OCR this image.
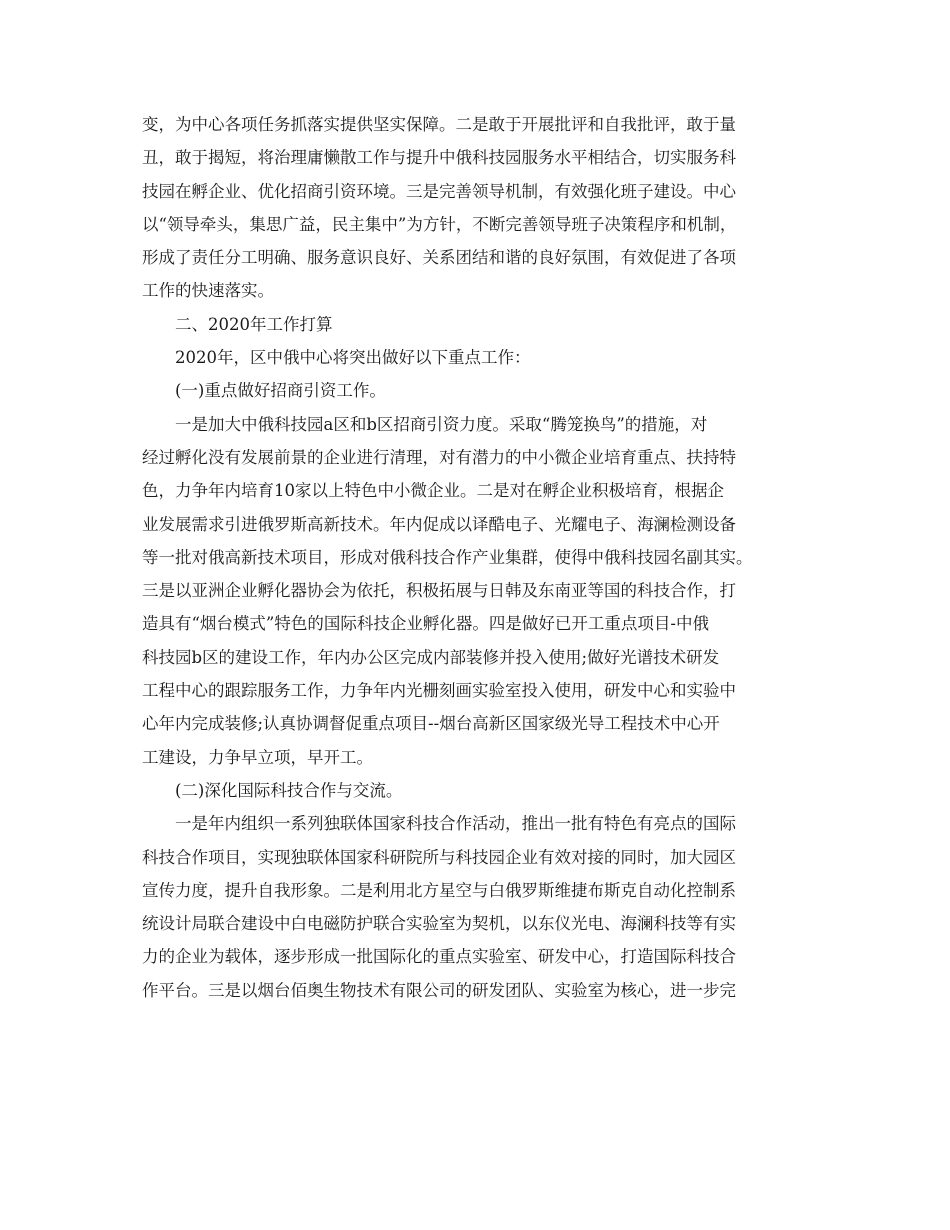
变，为中心各项任务抓落实提供坚实保障。二是敢于开展批评和自我批评，敢于量
丑，敢于揭短，将治理庸懒散工作与提升中俄科技园服务水平相结合，切实服务科
技园在孵企业、优化招商引资环境。三是完善领导机制，有效强化班子建设。中心
以“领导牵头，集思广益，民主集中”为方针，不断完善领导班子决策程序和机制，
形成了责任分工明确、服务意识良好、关系团结和谐的良好氛围，有效促进了各项
工作的快速落实。
二、2020年工作打算
2020年，区中俄中心将突出做好以下重点工作：
(一)重点做好招商引资工作。
一是加大中俄科技园a区和b区招商引资力度。采取“腾笼换鸟”的措施，对
经过孵化没有发展前景的企业进行清理，对有潜力的中小微企业培育重点、扶持特
色，力争年内培育10家以上特色中小微企业。二是对在孵企业积极培育，根据企
业发展需求引进俄罗斯高新技术。年内促成以译酷电子、光耀电子、海澜检测设备
等一批对俄高新技术项目，形成对俄科技合作产业集群，使得中俄科技园名副其实。
三是以亚洲企业孵化器协会为依托，积极拓展与日韩及东南亚等国的科技合作，打
造具有“烟台模式”特色的国际科技企业孵化器。四是做好已开工重点项目-中俄
科技园b区的建设工作，年内办公区完成内部装修并投入使用;做好光谱技术研发
工程中心的跟踪服务工作，力争年内光栅刻画实验室投入使用，研发中心和实验中
心年内完成装修;认真协调督促重点项目--烟台高新区国家级光导工程技术中心开
工建设，力争早立项，早开工。
(二)深化国际科技合作与交流。
一是年内组织一系列独联体国家科技合作活动，推出一批有特色有亮点的国际
科技合作项目，实现独联体国家科研院所与科技园企业有效对接的同时，加大园区
宣传力度，提升自我形象。二是利用北方星空与白俄罗斯维捷布斯克自动化控制系
统设计局联合建设中白电磁防护联合实验室为契机，以东仪光电、海澜科技等有实
力的企业为载体，逐步形成一批国际化的重点实验室、研发中心，打造国际科技合
作平台。三是以烟台佰奥生物技术有限公司的研发团队、实验室为核心，进一步完
